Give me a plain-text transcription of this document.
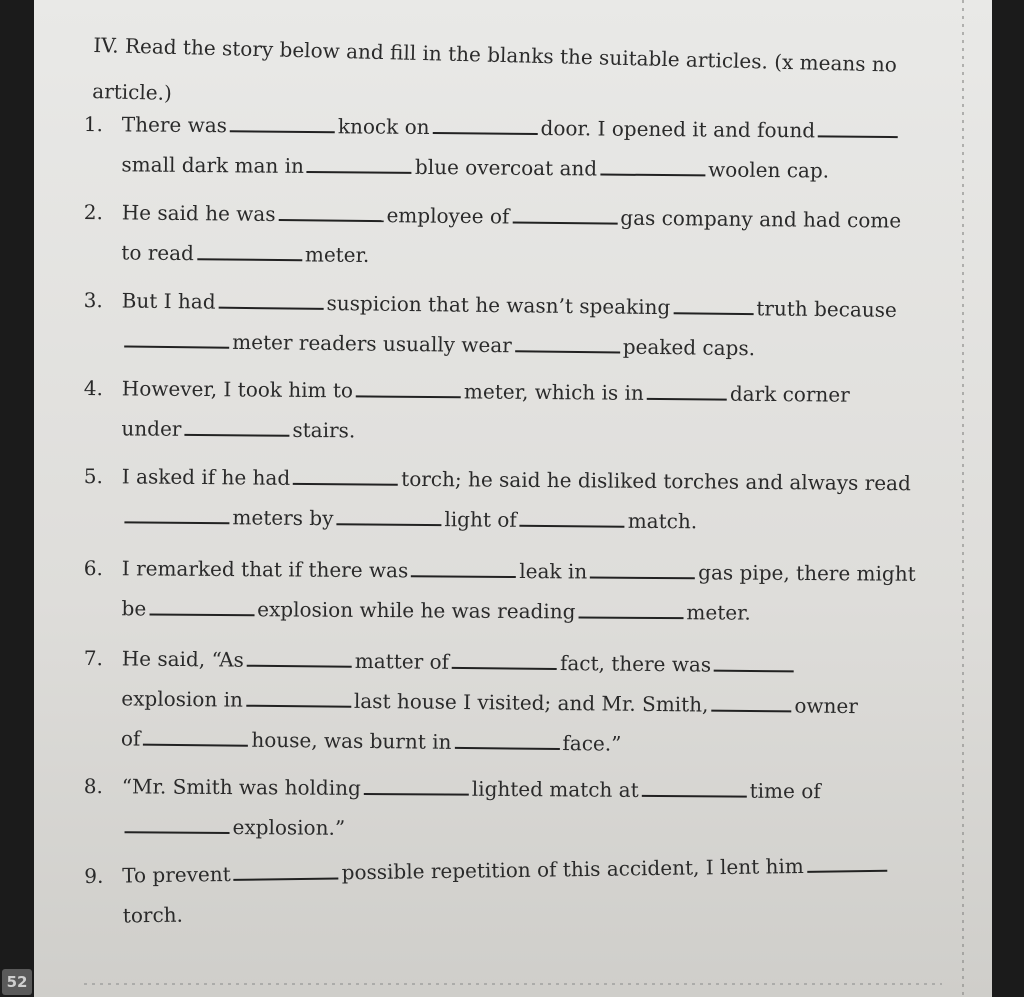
IV. Read the story below and fill in the blanks the suitable articles. (x means no
article.)
1. There was	knock on	door. I opened it and found
small dark man in	blue overcoat and	woolen cap.
2. He said he was	employee of	gas company and had come
to read	meter.
3. But I had	suspicion that he wasn’t speaking	truth because
meter readers usually wear	peaked caps.
4. However, I took him to	meter, which is in	dark corner
under	stairs.
5. I asked if he had	torch; he said he disliked torches and always read
meters by	light of	match.
6. I remarked that if there was	leak in	gas pipe, there might
be	explosion while he was reading	meter.
7. He said, “As	matter of	fact, there was
explosion in	last house I visited; and Mr. Smith,	owner
of	house, was burnt in	face.”
8. “Mr. Smith was holding	lighted match at	time of
explosion.”
9. To prevent	possible repetition of this accident, I lent him
torch.
52
